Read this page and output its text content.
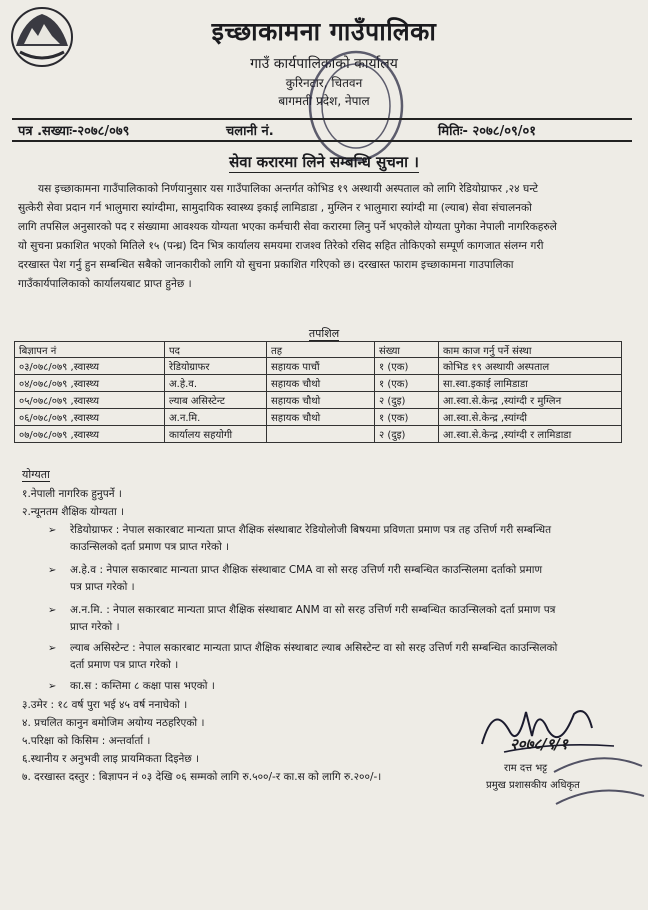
इच्छाकामना गाउँपालिका
गाउँ कार्यपालिकाको कार्यालय
कुरिनटार, चितवन
बागमती प्रदेश, नेपाल
पत्र .सख्याः-२०७८/०७९	चलानी नं.	मितिः- २०७८/०९/०१
सेवा करारमा लिने सम्बन्धि सुचना ।
यस इच्छाकामना गाउँपालिकाको निर्णयानुसार यस गाउँपालिका अन्तर्गत कोभिड १९ अस्थायी अस्पताल को लागि रेडियोग्राफर ,२४ घन्टे
सुत्केरी सेवा प्रदान गर्न भालुमारा स्यांग्दीमा, सामुदायिक स्वास्थ्य इकाई लामिडाडा , मुग्लिन र भालुमारा स्यांग्दी मा (ल्याब) सेवा संचालनको
लागि तपसिल अनुसारको पद र संख्यामा आवश्यक योग्यता भएका कर्मचारी सेवा करारमा लिनु पर्ने भएकोले योग्यता पुगेका नेपाली नागरिकहरुले
यो सुचना प्रकाशित भएको मितिले १५ (पन्ध्र) दिन भित्र कार्यालय समयमा राजश्व तिरेको रसिद सहित तोकिएको सम्पूर्ण कागजात संलग्न गरी
दरखास्त पेश गर्नु हुन सम्बन्धित सबैको जानकारीको लागि यो सुचना प्रकाशित गरिएको छ। दरखास्त फाराम इच्छाकामना गाउपालिका
गाउँकार्यपालिकाको कार्यालयबाट प्राप्त हुनेछ ।
तपशिल
बिज्ञापन नं	पद	तह	संख्या	काम काज गर्नु पर्ने संस्था
०३/०७८/०७९ ,स्वास्थ्य	रेडियोग्राफर	सहायक पाचौं	१ (एक)	कोभिड १९ अस्थायी अस्पताल
०४/०७८/०७९ ,स्वास्थ्य	अ.हे.व.	सहायक चौथो	१ (एक)	सा.स्वा.इकाई लामिडाडा
०५/०७८/०७९ ,स्वास्थ्य	ल्याब असिस्टेन्ट	सहायक चौथो	२ (दुइ)	आ.स्वा.से.केन्द्र ,स्यांग्दी र मुग्लिन
०६/०७८/०७९ ,स्वास्थ्य	अ.न.मि.	सहायक चौथो	१ (एक)	आ.स्वा.से.केन्द्र ,स्यांग्दी
०७/०७८/०७९ ,स्वास्थ्य	कार्यालय सहयोगी		२ (दुइ)	आ.स्वा.से.केन्द्र ,स्यांग्दी र लामिडाडा
योग्यता
१.नेपाली नागरिक हुनुपर्ने ।
२.न्यूनतम शैक्षिक योग्यता ।
➢ रेडियोग्राफर : नेपाल सकारबाट मान्यता प्राप्त शैक्षिक संस्थाबाट रेडियोलोजी बिषयमा प्रविणता प्रमाण पत्र तह उत्तिर्ण गरी सम्बन्धित
काउन्सिलको दर्ता प्रमाण पत्र प्राप्त गरेको ।
➢ अ.हे.व : नेपाल सकारबाट मान्यता प्राप्त शैक्षिक संस्थाबाट CMA वा सो सरह उत्तिर्ण गरी सम्बन्धित काउन्सिलमा दर्ताको प्रमाण
पत्र प्राप्त गरेको ।
➢ अ.न.मि. : नेपाल सकारबाट मान्यता प्राप्त शैक्षिक संस्थाबाट ANM वा सो सरह उत्तिर्ण गरी सम्बन्धित काउन्सिलको दर्ता प्रमाण पत्र
प्राप्त गरेको ।
➢ ल्याब असिस्टेन्ट : नेपाल सकारबाट मान्यता प्राप्त शैक्षिक संस्थाबाट ल्याब असिस्टेन्ट वा सो सरह उत्तिर्ण गरी सम्बन्धित काउन्सिलको
दर्ता प्रमाण पत्र प्राप्त गरेको ।
➢ का.स : कम्तिमा ८ कक्षा पास भएको ।
३.उमेर : १८ वर्ष पुरा भई ४५ वर्ष ननाघेको ।
४. प्रचलित कानुन बमोजिम अयोग्य नठहरिएको ।
५.परिक्षा को किसिम : अन्तर्वार्ता ।
६.स्थानीय र अनुभवी लाइ प्रायमिकता दिइनेछ ।
७. दरखास्त दस्तुर : बिज्ञापन नं ०३ देखि ०६ सम्मको लागि रु.५००/-र का.स को लागि रु.२००/-।
२०७८/९/१
राम दत्त भट्ट
प्रमुख प्रशासकीय अधिकृत
